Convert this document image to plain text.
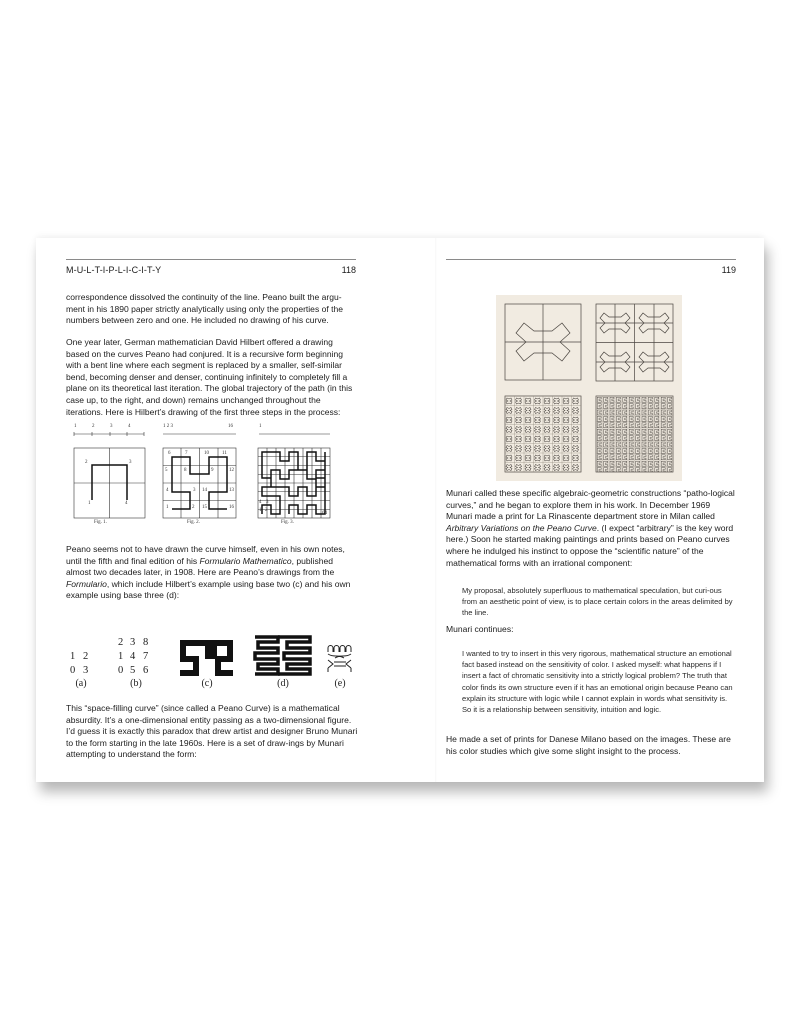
M-U-L-T-I-P-L-I-C-I-T-Y	118

correspondence dissolved the continuity of the line. Peano built the argu-ment in his 1890 paper strictly analytically using only the properties of the numbers between zero and one. He included no drawing of his curve.

One year later, German mathematician David Hilbert offered a drawing based on the curves Peano had conjured. It is a recursive form beginning with a bent line where each segment is replaced by a smaller, self-similar bend, becoming denser and denser, continuing infinitely to completely fill a plane on its theoretical last iteration. The global trajectory of the path (in this case up, to the right, and down) remains unchanged throughout the iterations. Here is Hilbert’s drawing of the first three steps in the process:

Fig. 1.	Fig. 2.	Fig. 3.
1	2	3	4	1 2 3	16	1
2	3
1	4
6	7	10	11
5	8	9	12
4	3 14	13
1	2 15	16
1 2
3
4
64

Peano seems not to have drawn the curve himself, even in his own notes, until the fifth and final edition of his Formulario Mathematico, published almost two decades later, in 1908. Here are Peano’s drawings from the Formulario, which include Hilbert’s example using base two (c) and his own example using base three (d):

1 2
0 3
2 3 8
1 4 7
0 5 6
(a)	(b)	(c)	(d)	(e)

This “space-filling curve” (since called a Peano Curve) is a mathematical absurdity. It’s a one-dimensional entity passing as a two-dimensional figure. I’d guess it is exactly this paradox that drew artist and designer Bruno Munari to the form starting in the late 1960s. Here is a set of draw-ings by Munari attempting to understand the form:

119

Munari called these specific algebraic-geometric constructions “patho-logical curves,” and he began to explore them in his work. In December 1969 Munari made a print for La Rinascente department store in Milan called Arbitrary Variations on the Peano Curve. (I expect “arbitrary” is the key word here.) Soon he started making paintings and prints based on Peano curves where he indulged his instinct to oppose the “scientific nature” of the mathematical forms with an irrational component:

My proposal, absolutely superfluous to mathematical speculation, but curi-ous from an aesthetic point of view, is to place certain colors in the areas delimited by the line.

Munari continues:

I wanted to try to insert in this very rigorous, mathematical structure an emotional fact based instead on the sensitivity of color. I asked myself: what happens if I insert a fact of chromatic sensitivity into a strictly logical problem? The truth that color finds its own structure even if it has an emotional origin because Peano can explain its structure with logic while I cannot explain in words what sensitivity is. So it is a relationship between sensitivity, intuition and logic.

He made a set of prints for Danese Milano based on the images. These are his color studies which give some slight insight to the process.
